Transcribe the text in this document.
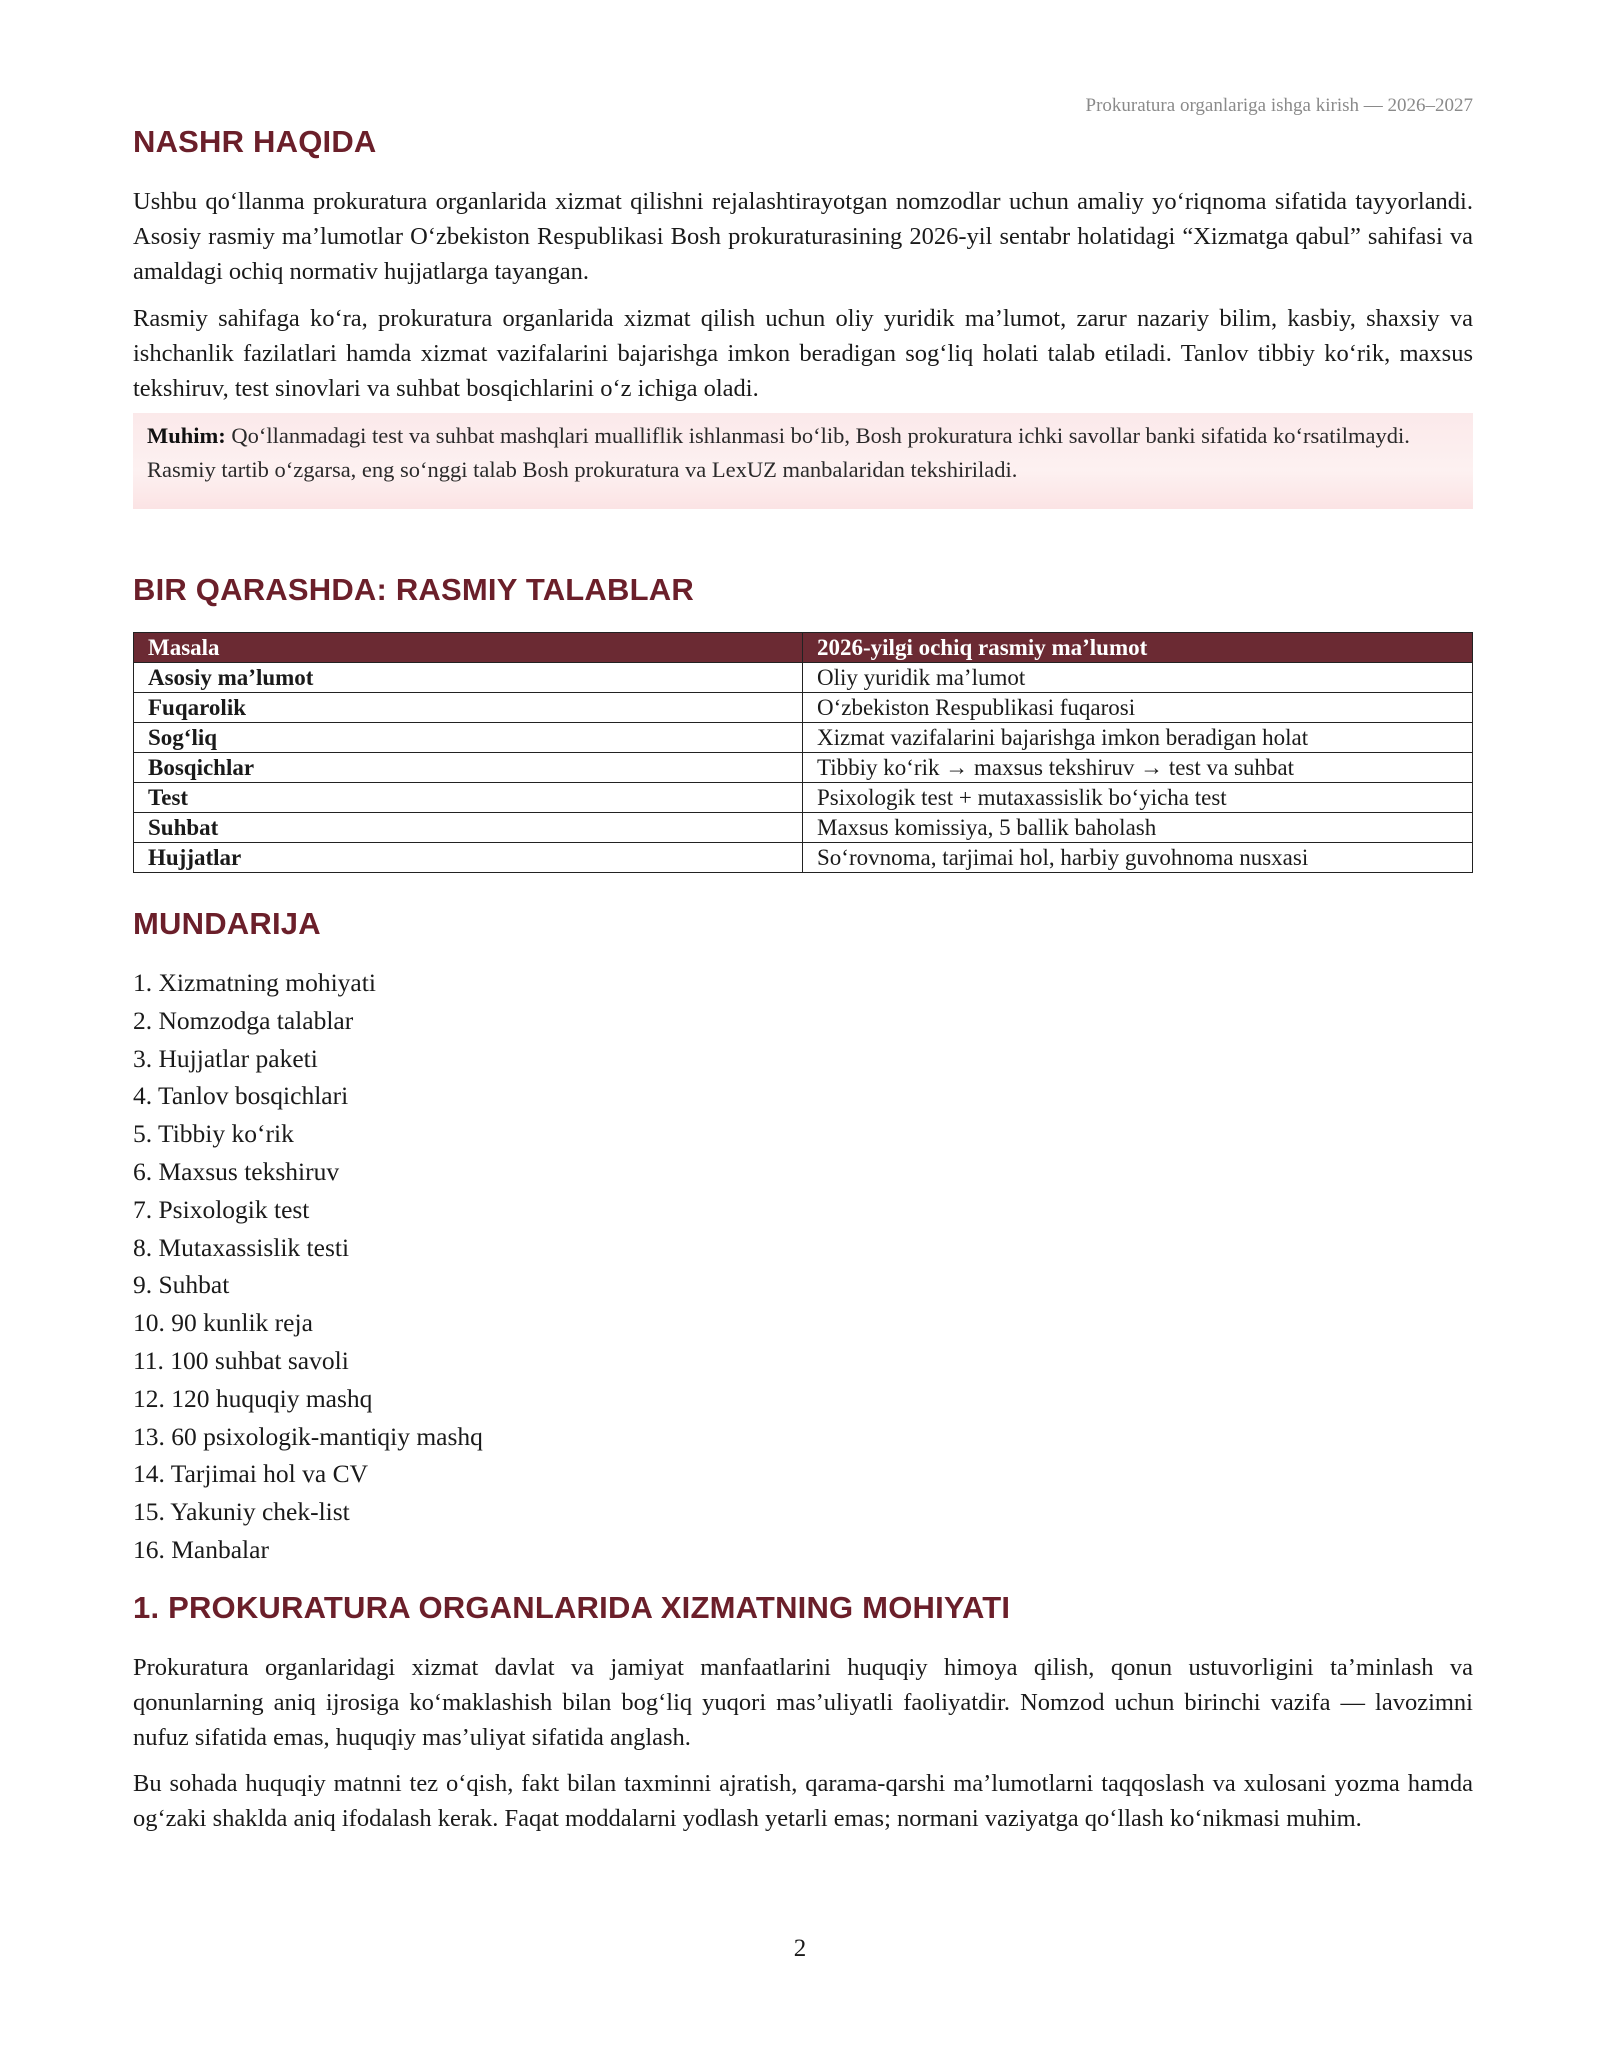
Prokuratura organlariga ishga kirish — 2026–2027
NASHR HAQIDA

Ushbu qo‘llanma prokuratura organlarida xizmat qilishni rejalashtirayotgan nomzodlar uchun amaliy yo‘riqnoma sifatida tayyorlandi. Asosiy rasmiy ma’lumotlar O‘zbekiston Respublikasi Bosh prokuraturasining 2026-yil sentabr holatidagi “Xizmatga qabul” sahifasi va amaldagi ochiq normativ hujjatlarga tayangan.

Rasmiy sahifaga ko‘ra, prokuratura organlarida xizmat qilish uchun oliy yuridik ma’lumot, zarur nazariy bilim, kasbiy, shaxsiy va ishchanlik fazilatlari hamda xizmat vazifalarini bajarishga imkon beradigan sog‘liq holati talab etiladi. Tanlov tibbiy ko‘rik, maxsus tekshiruv, test sinovlari va suhbat bosqichlarini o‘z ichiga oladi.

Muhim: Qo‘llanmadagi test va suhbat mashqlari mualliflik ishlanmasi bo‘lib, Bosh prokuratura ichki savollar banki sifatida ko‘rsatilmaydi. Rasmiy tartib o‘zgarsa, eng so‘nggi talab Bosh prokuratura va LexUZ manbalaridan tekshiriladi.
BIR QARASHDA: RASMIY TALABLAR
Masala	2026-yilgi ochiq rasmiy ma’lumot
Asosiy ma’lumot	Oliy yuridik ma’lumot
Fuqarolik	O‘zbekiston Respublikasi fuqarosi
Sog‘liq	Xizmat vazifalarini bajarishga imkon beradigan holat
Bosqichlar	Tibbiy ko‘rik → maxsus tekshiruv → test va suhbat
Test	Psixologik test + mutaxassislik bo‘yicha test
Suhbat	Maxsus komissiya, 5 ballik baholash
Hujjatlar	So‘rovnoma, tarjimai hol, harbiy guvohnoma nusxasi
MUNDARIJA
1. Xizmatning mohiyati
2. Nomzodga talablar
3. Hujjatlar paketi
4. Tanlov bosqichlari
5. Tibbiy ko‘rik
6. Maxsus tekshiruv
7. Psixologik test
8. Mutaxassislik testi
9. Suhbat
10. 90 kunlik reja
11. 100 suhbat savoli
12. 120 huquqiy mashq
13. 60 psixologik-mantiqiy mashq
14. Tarjimai hol va CV
15. Yakuniy chek-list
16. Manbalar
1. PROKURATURA ORGANLARIDA XIZMATNING MOHIYATI

Prokuratura organlaridagi xizmat davlat va jamiyat manfaatlarini huquqiy himoya qilish, qonun ustuvorligini ta’minlash va qonunlarning aniq ijrosiga ko‘maklashish bilan bog‘liq yuqori mas’uliyatli faoliyatdir. Nomzod uchun birinchi vazifa — lavozimni nufuz sifatida emas, huquqiy mas’uliyat sifatida anglash.

Bu sohada huquqiy matnni tez o‘qish, fakt bilan taxminni ajratish, qarama-qarshi ma’lumotlarni taqqoslash va xulosani yozma hamda og‘zaki shaklda aniq ifodalash kerak. Faqat moddalarni yodlash yetarli emas; normani vaziyatga qo‘llash ko‘nikmasi muhim.

2
